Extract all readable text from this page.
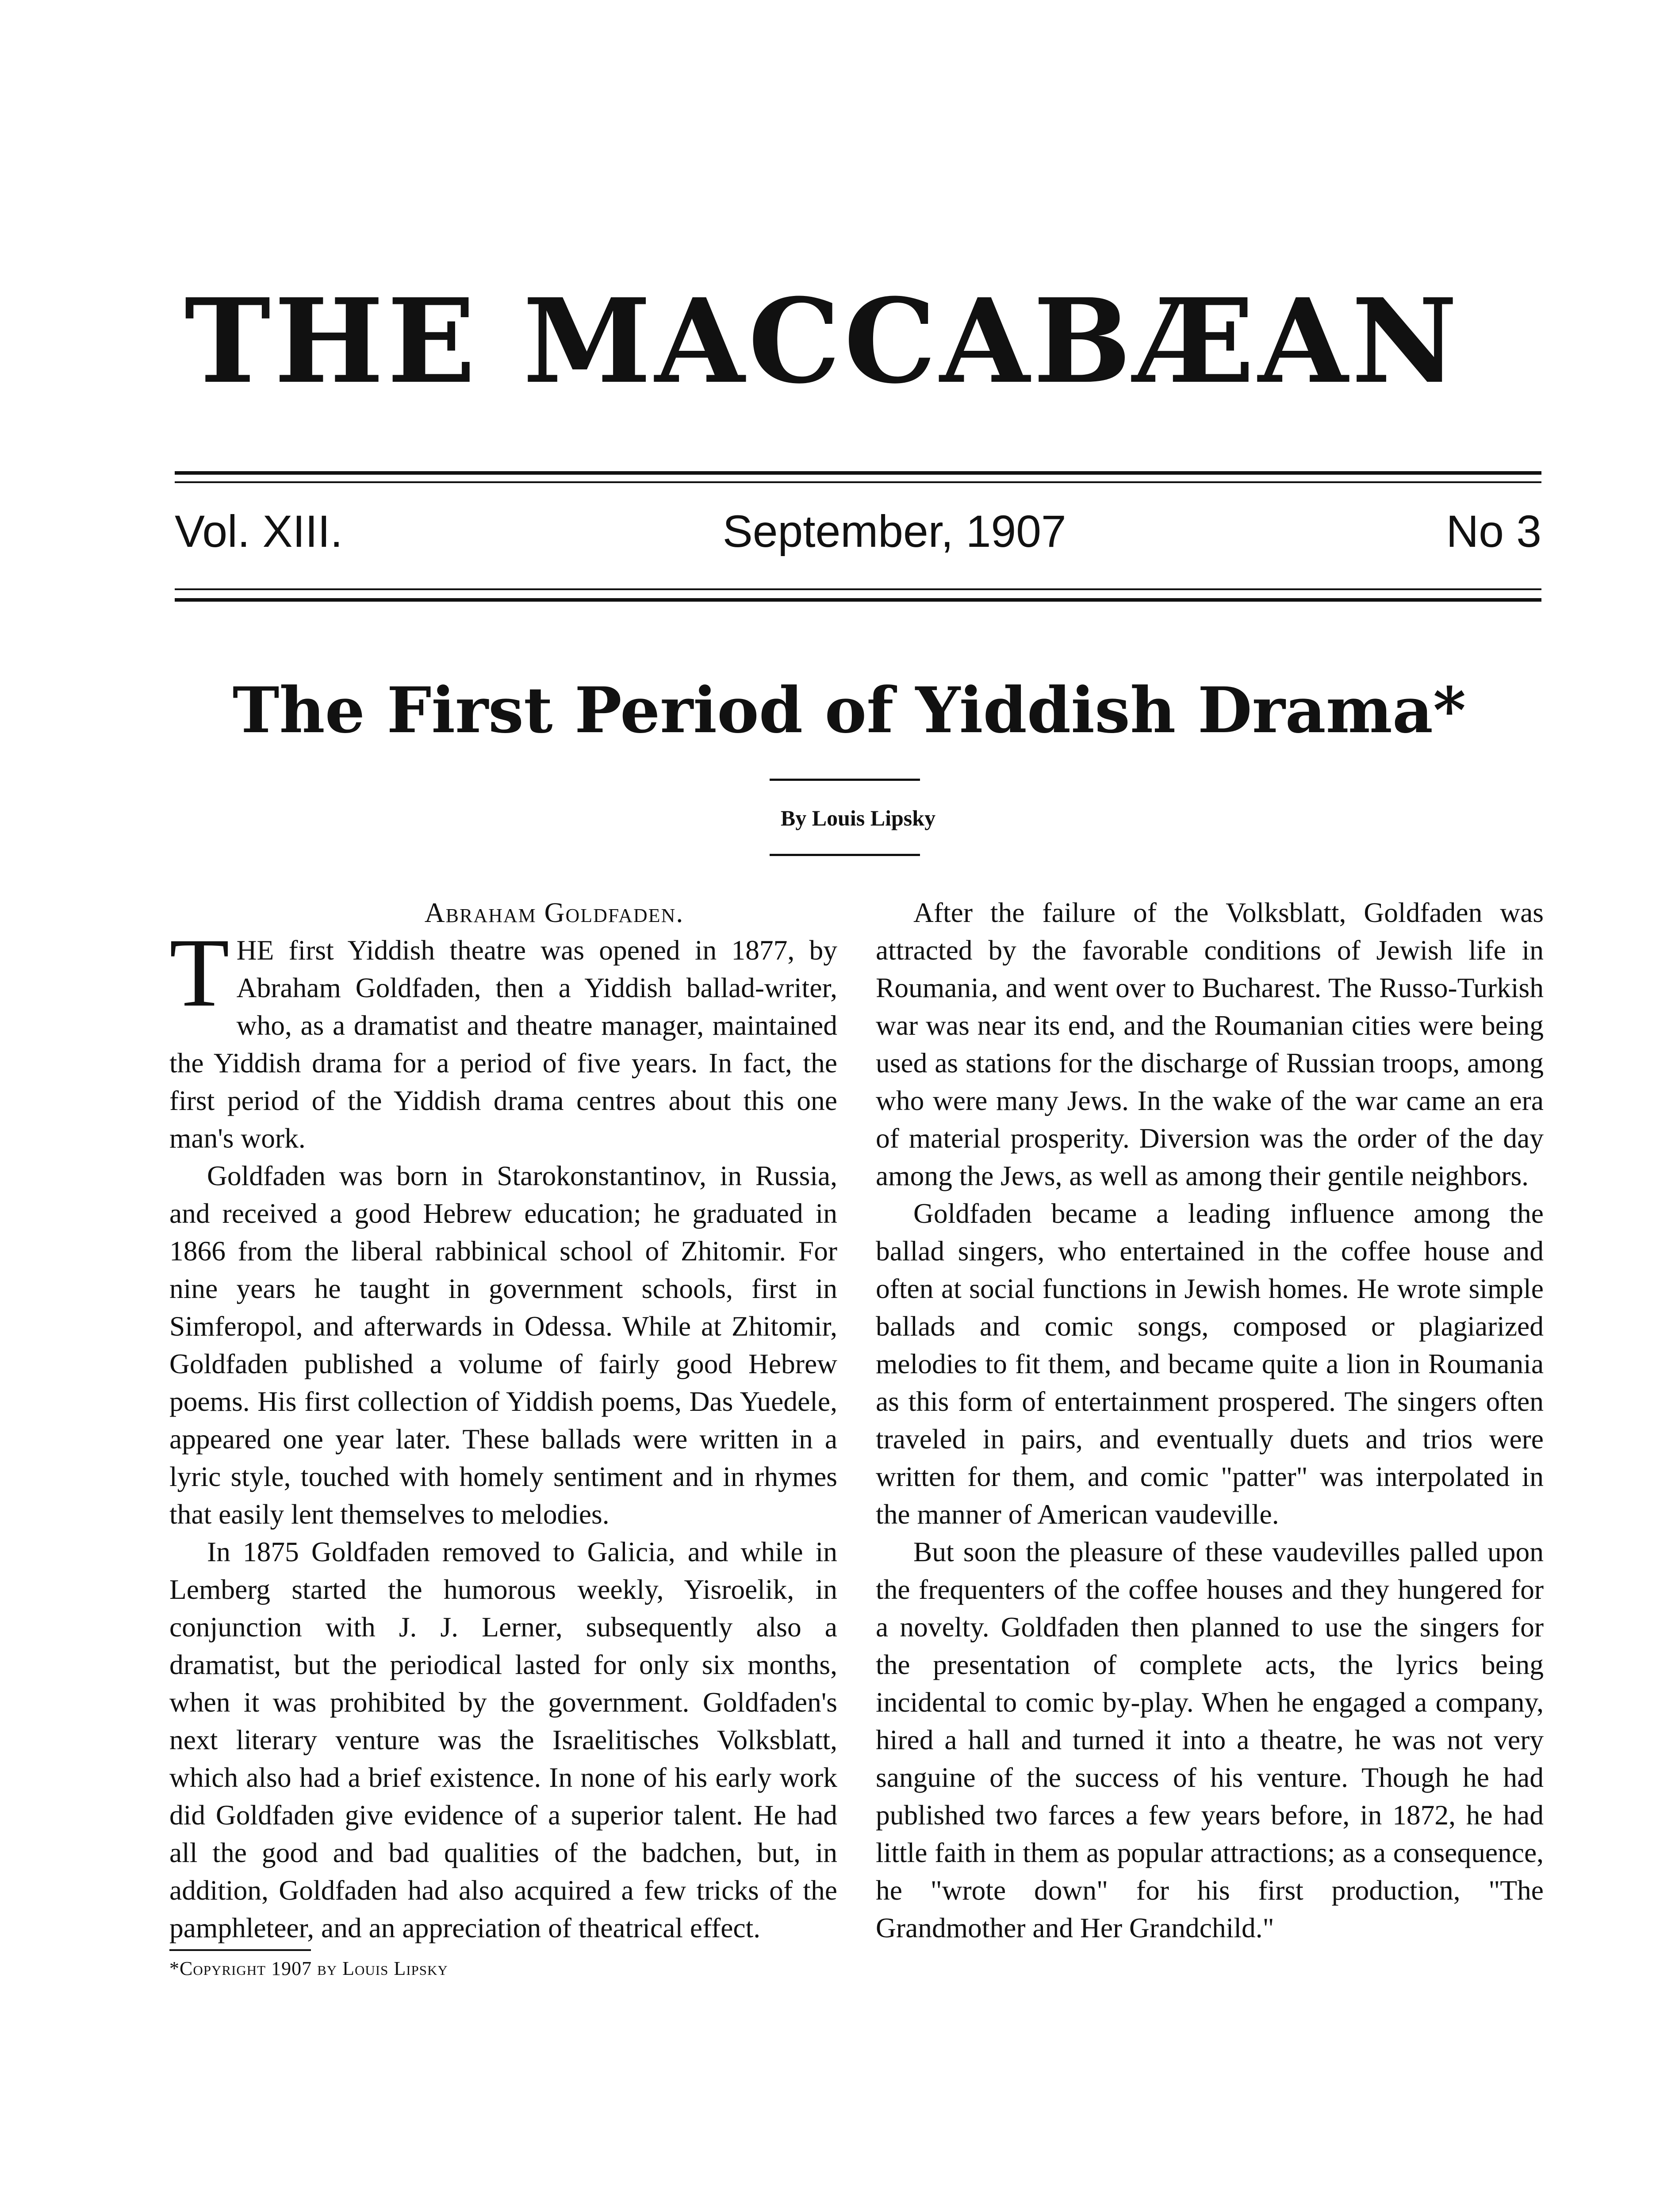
THE MACCABÆAN
Vol. XIII.	September, 1907	No 3
The First Period of Yiddish Drama*
By Louis Lipsky
Abraham Goldfaden.

THE first Yiddish theatre was opened in 1877, by Abraham Goldfaden, then a Yiddish ballad-writer, who, as a dramatist and theatre manager, maintained the Yiddish drama for a period of five years. In fact, the first period of the Yiddish drama centres about this one man's work.

Goldfaden was born in Starokonstantinov, in Russia, and received a good Hebrew education; he graduated in 1866 from the liberal rabbinical school of Zhitomir. For nine years he taught in government schools, first in Simferopol, and afterwards in Odessa. While at Zhitomir, Goldfaden published a volume of fairly good Hebrew poems. His first collection of Yiddish poems, Das Yuedele, appeared one year later. These ballads were written in a lyric style, touched with homely sentiment and in rhymes that easily lent themselves to melodies.

In 1875 Goldfaden removed to Galicia, and while in Lemberg started the humorous weekly, Yisroelik, in conjunction with J. J. Lerner, subsequently also a dramatist, but the periodical lasted for only six months, when it was prohibited by the government. Goldfaden's next literary venture was the Israelitisches Volksblatt, which also had a brief existence. In none of his early work did Goldfaden give evidence of a superior talent. He had all the good and bad qualities of the badchen, but, in addition, Goldfaden had also acquired a few tricks of the pamphleteer, and an appreciation of theatrical effect.

*Copyright 1907 by Louis Lipsky

After the failure of the Volksblatt, Goldfaden was attracted by the favorable conditions of Jewish life in Roumania, and went over to Bucharest. The Russo-Turkish war was near its end, and the Roumanian cities were being used as stations for the discharge of Russian troops, among who were many Jews. In the wake of the war came an era of material prosperity. Diversion was the order of the day among the Jews, as well as among their gentile neighbors.

Goldfaden became a leading influence among the ballad singers, who entertained in the coffee house and often at social functions in Jewish homes. He wrote simple ballads and comic songs, composed or plagiarized melodies to fit them, and became quite a lion in Roumania as this form of entertainment prospered. The singers often traveled in pairs, and eventually duets and trios were written for them, and comic "patter" was interpolated in the manner of American vaudeville.

But soon the pleasure of these vaudevilles palled upon the frequenters of the coffee houses and they hungered for a novelty. Goldfaden then planned to use the singers for the presentation of complete acts, the lyrics being incidental to comic by-play. When he engaged a company, hired a hall and turned it into a theatre, he was not very sanguine of the success of his venture. Though he had published two farces a few years before, in 1872, he had little faith in them as popular attractions; as a consequence, he "wrote down" for his first production, "The Grandmother and Her Grandchild."
